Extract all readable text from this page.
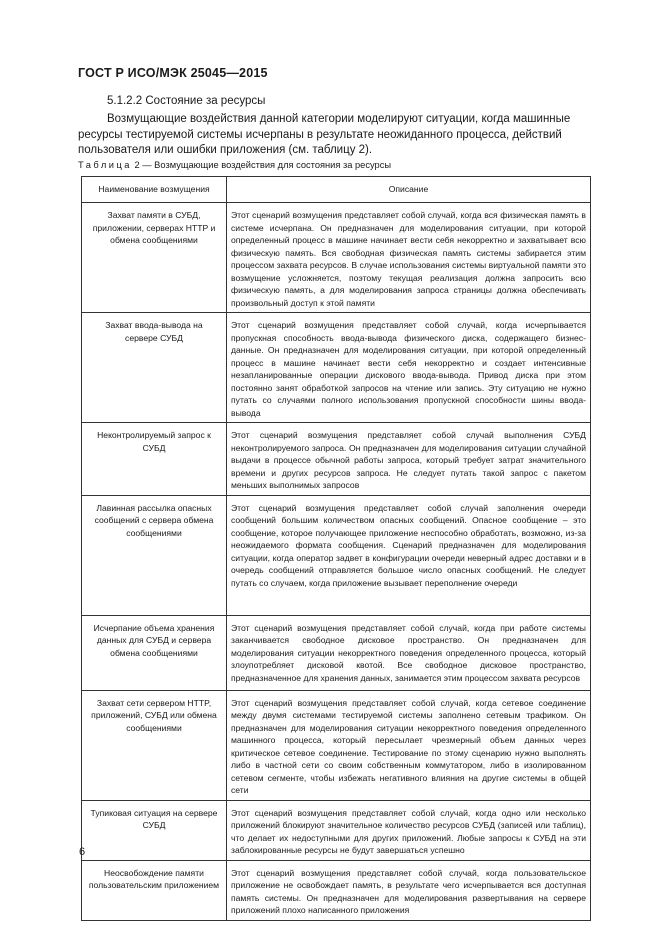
ГОСТ Р ИСО/МЭК 25045—2015
5.1.2.2 Состояние за ресурсы
Возмущающие воздействия данной категории моделируют ситуации, когда машинные ресурсы тестируемой системы исчерпаны в результате неожиданного процесса, действий пользователя или ошибки приложения (см. таблицу 2).
Таблица 2 — Возмущающие воздействия для состояния за ресурсы
Наименование возмущения	Описание
Захват памяти в СУБД, приложении, серверах HTTP и обмена сообщениями	Этот сценарий возмущения представляет собой случай, когда вся физическая память в системе исчерпана. Он предназначен для моделирования ситуации, при которой определенный процесс в машине начинает вести себя некорректно и захватывает всю физическую память. Вся свободная физическая память системы забирается этим процессом захвата ресурсов. В случае использования системы виртуальной памяти это возмущение усложняется, поэтому текущая реализация должна запросить всю физическую память, а для моделирования запроса страницы должна обеспечивать произвольный доступ к этой памяти
Захват ввода-вывода на сервере СУБД	Этот сценарий возмущения представляет собой случай, когда исчерпывается пропускная способность ввода-вывода физического диска, содержащего бизнес-данные. Он предназначен для моделирования ситуации, при которой определенный процесс в машине начинает вести себя некорректно и создает интенсивные незапланированные операции дискового ввода-вывода. Привод диска при этом постоянно занят обработкой запросов на чтение или запись. Эту ситуацию не нужно путать со случаями полного использования пропускной способности шины ввода-вывода
Неконтролируемый запрос к СУБД	Этот сценарий возмущения представляет собой случай выполнения СУБД неконтролируемого запроса. Он предназначен для моделирования ситуации случайной выдачи в процессе обычной работы запроса, который требует затрат значительного времени и других ресурсов запроса. Не следует путать такой запрос с пакетом меньших выполнимых запросов
Лавинная рассылка опасных сообщений с сервера обмена сообщениями	Этот сценарий возмущения представляет собой случай заполнения очереди сообщений большим количеством опасных сообщений. Опасное сообщение – это сообщение, которое получающее приложение неспособно обработать, возможно, из-за неожидаемого формата сообщения. Сценарий предназначен для моделирования ситуации, когда оператор задвет в конфигурации очереди неверный адрес доставки и в очередь сообщений отправляется большое число опасных сообщений. Не следует путать со случаем, когда приложение вызывает переполнение очереди
Исчерпание объема хранения данных для СУБД и сервера обмена сообщениями	Этот сценарий возмущения представляет собой случай, когда при работе системы заканчивается свободное дисковое пространство. Он предназначен для моделирования ситуации некорректного поведения определенного процесса, который злоупотребляет дисковой квотой. Все свободное дисковое пространство, предназначенное для хранения данных, занимается этим процессом захвата ресурсов
Захват сети сервером HTTP, приложений, СУБД или обмена сообщениями	Этот сценарий возмущения представляет собой случай, когда сетевое соединение между двумя системами тестируемой системы заполнено сетевым трафиком. Он предназначен для моделирования ситуации некорректного поведения определенного машинного процесса, который пересылает чрезмерный объем данных через критическое сетевое соединение. Тестирование по этому сценарию нужно выполнять либо в частной сети со своим собственным коммутатором, либо в изолированном сетевом сегменте, чтобы избежать негативного влияния на другие системы в общей сети
Тупиковая ситуация на сервере СУБД	Этот сценарий возмущения представляет собой случай, когда одно или несколько приложений блокируют значительное количество ресурсов СУБД (записей или таблиц), что делает их недоступными для других приложений. Любые запросы к СУБД на эти заблокированные ресурсы не будут завершаться успешно
Неосвобождение памяти пользовательским приложением	Этот сценарий возмущения представляет собой случай, когда пользовательское приложение не освобождает память, в результате чего исчерпывается вся доступная память системы. Он предназначен для моделирования развертывания на сервере приложений плохо написанного приложения
6
